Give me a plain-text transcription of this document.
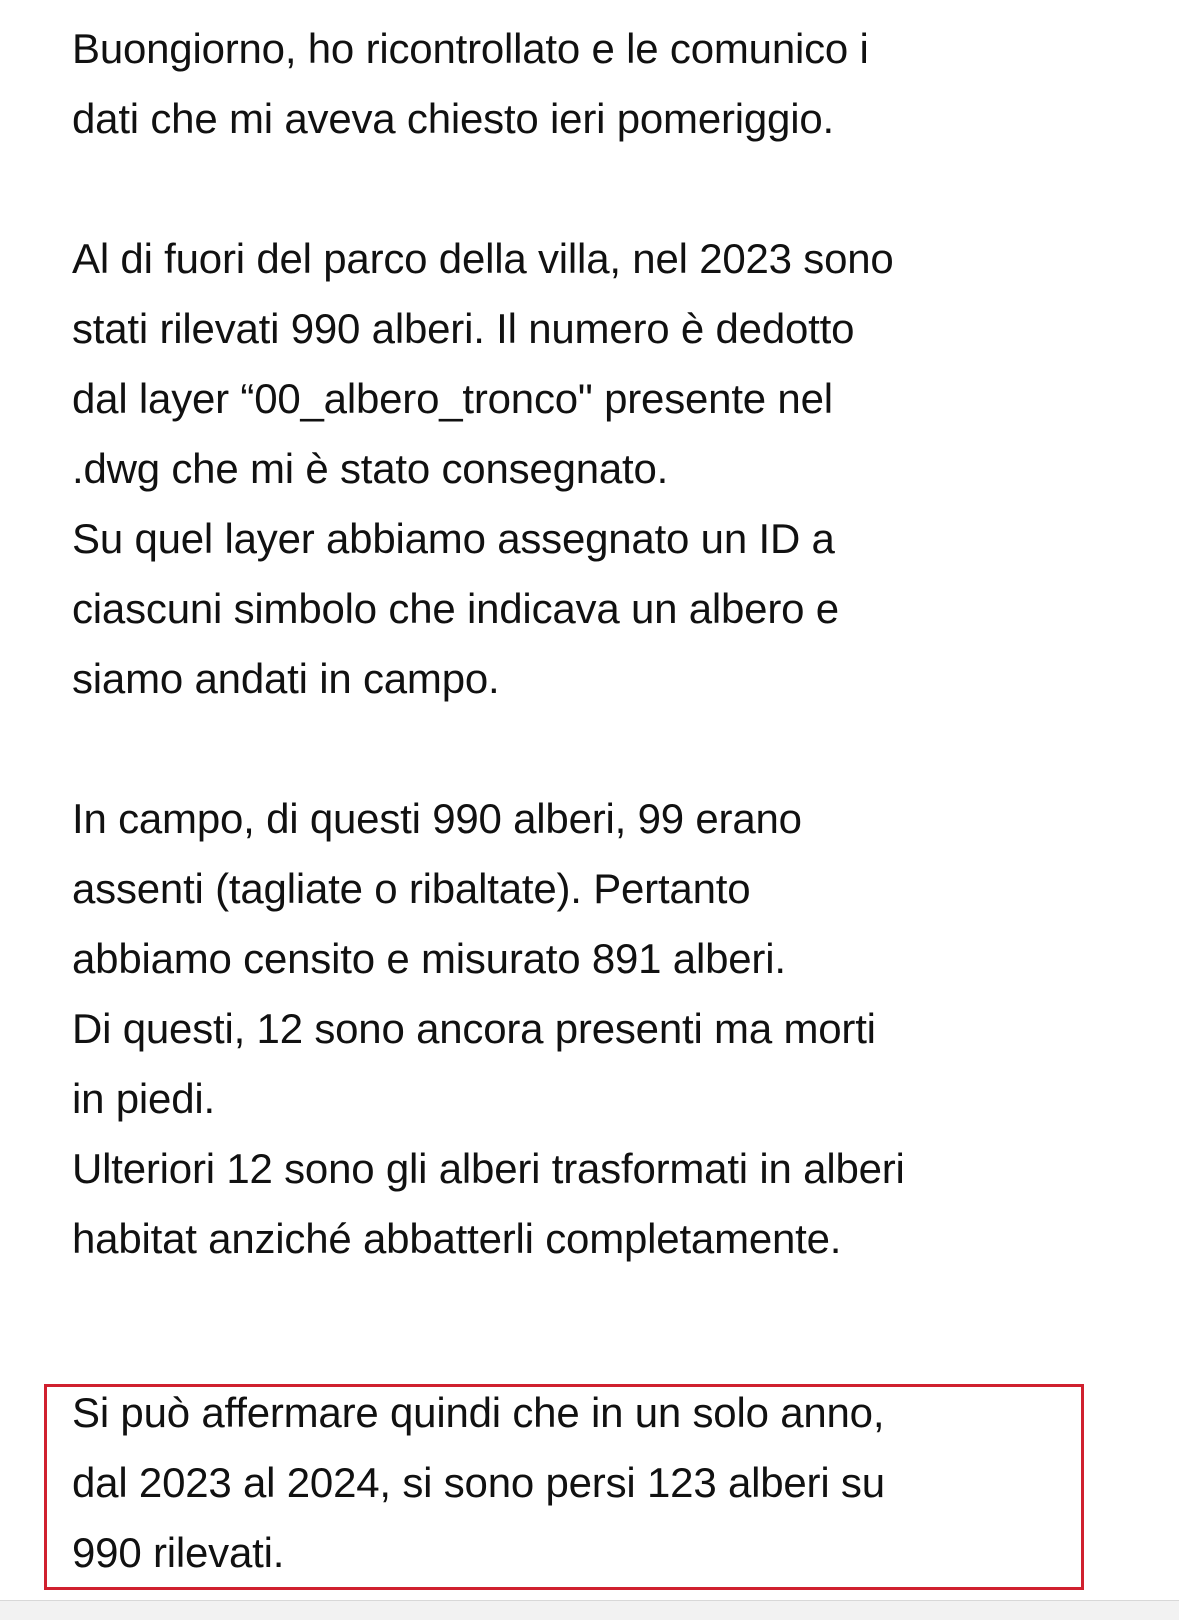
Buongiorno, ho ricontrollato e le comunico i
dati che mi aveva chiesto ieri pomeriggio.
Al di fuori del parco della villa, nel 2023 sono
stati rilevati 990 alberi. Il numero è dedotto
dal layer “00_albero_tronco" presente nel
.dwg che mi è stato consegnato.
Su quel layer abbiamo assegnato un ID a
ciascuni simbolo che indicava un albero e
siamo andati in campo.
In campo, di questi 990 alberi, 99 erano
assenti (tagliate o ribaltate). Pertanto
abbiamo censito e misurato 891 alberi.
Di questi, 12 sono ancora presenti ma morti
in piedi.
Ulteriori 12 sono gli alberi trasformati in alberi
habitat anziché abbatterli completamente.
Si può affermare quindi che in un solo anno,
dal 2023 al 2024, si sono persi 123 alberi su
990 rilevati.
